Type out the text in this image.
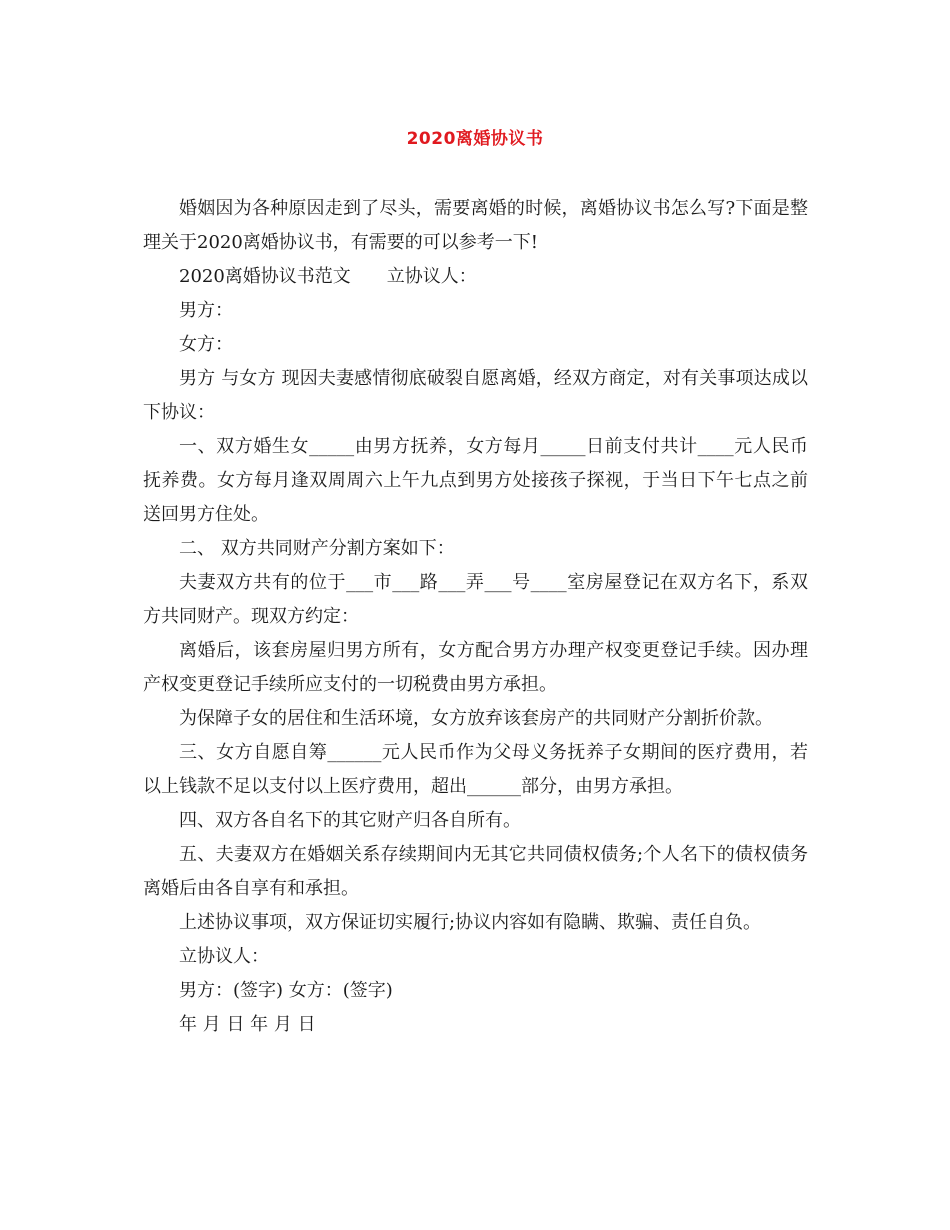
2020离婚协议书

婚姻因为各种原因走到了尽头，需要离婚的时候，离婚协议书怎么写?下面是整理关于2020离婚协议书，有需要的可以参考一下!

2020离婚协议书范文　　立协议人：

男方：

女方：

男方 与女方 现因夫妻感情彻底破裂自愿离婚，经双方商定，对有关事项达成以下协议：

一、双方婚生女_____由男方抚养，女方每月_____日前支付共计____元人民币抚养费。女方每月逢双周周六上午九点到男方处接孩子探视，于当日下午七点之前送回男方住处。

二、 双方共同财产分割方案如下：

夫妻双方共有的位于___市___路___弄___号____室房屋登记在双方名下，系双方共同财产。现双方约定：

离婚后，该套房屋归男方所有，女方配合男方办理产权变更登记手续。因办理产权变更登记手续所应支付的一切税费由男方承担。

为保障子女的居住和生活环境，女方放弃该套房产的共同财产分割折价款。

三、女方自愿自筹______元人民币作为父母义务抚养子女期间的医疗费用，若以上钱款不足以支付以上医疗费用，超出______部分，由男方承担。

四、双方各自名下的其它财产归各自所有。

五、夫妻双方在婚姻关系存续期间内无其它共同债权债务;个人名下的债权债务离婚后由各自享有和承担。

上述协议事项，双方保证切实履行;协议内容如有隐瞒、欺骗、责任自负。

立协议人：

男方：(签字) 女方：(签字)

年 月 日 年 月 日
